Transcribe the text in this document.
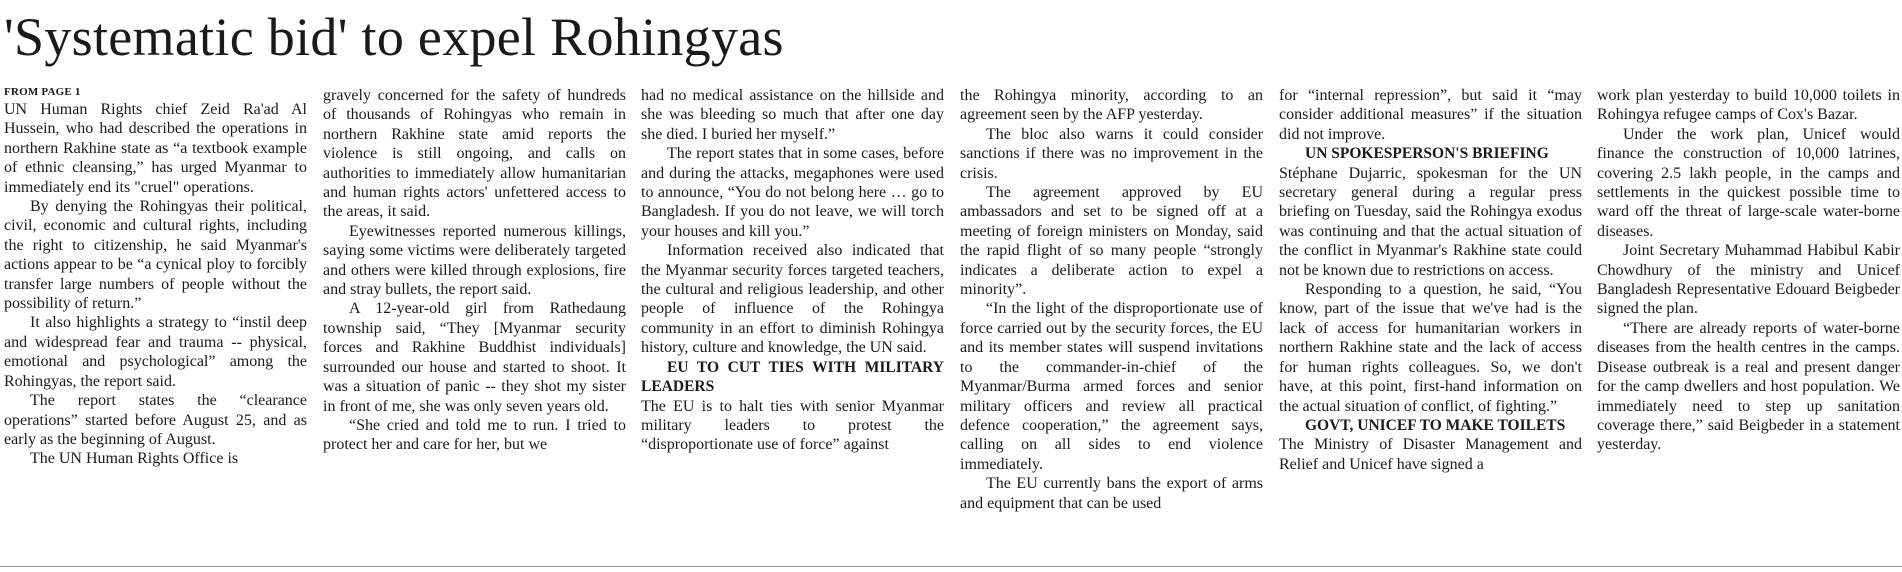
'Systematic bid' to expel Rohingyas
FROM PAGE 1

UN Human Rights chief Zeid Ra'ad Al Hussein, who had described the operations in northern Rakhine state as “a textbook example of ethnic cleansing,” has urged Myanmar to immediately end its "cruel" operations.

By denying the Rohingyas their political, civil, economic and cultural rights, including the right to citizenship, he said Myanmar's actions appear to be “a cynical ploy to forcibly transfer large numbers of people without the possibility of return.”

It also highlights a strategy to “instil deep and widespread fear and trauma -- physical, emotional and psychological” among the Rohingyas, the report said.

The report states the “clearance operations” started before August 25, and as early as the beginning of August.

The UN Human Rights Office is

gravely concerned for the safety of hundreds of thousands of Rohingyas who remain in northern Rakhine state amid reports the violence is still ongoing, and calls on authorities to immediately allow humanitarian and human rights actors' unfettered access to the areas, it said.

Eyewitnesses reported numerous killings, saying some victims were deliberately targeted and others were killed through explosions, fire and stray bullets, the report said.

A 12-year-old girl from Rathedaung township said, “They [Myanmar security forces and Rakhine Buddhist individuals] surrounded our house and started to shoot. It was a situation of panic -- they shot my sister in front of me, she was only seven years old.

“She cried and told me to run. I tried to protect her and care for her, but we

had no medical assistance on the hillside and she was bleeding so much that after one day she died. I buried her myself.”

The report states that in some cases, before and during the attacks, megaphones were used to announce, “You do not belong here … go to Bangladesh. If you do not leave, we will torch your houses and kill you.”

Information received also indicated that the Myanmar security forces targeted teachers, the cultural and religious leadership, and other people of influence of the Rohingya community in an effort to diminish Rohingya history, culture and knowledge, the UN said.

EU TO CUT TIES WITH MILITARY LEADERS

The EU is to halt ties with senior Myanmar military leaders to protest the “disproportionate use of force” against

the Rohingya minority, according to an agreement seen by the AFP yesterday.

The bloc also warns it could consider sanctions if there was no improvement in the crisis.

The agreement approved by EU ambassadors and set to be signed off at a meeting of foreign ministers on Monday, said the rapid flight of so many people “strongly indicates a deliberate action to expel a minority”.

“In the light of the disproportionate use of force carried out by the security forces, the EU and its member states will suspend invitations to the commander-in-chief of the Myanmar/Burma armed forces and senior military officers and review all practical defence cooperation,” the agreement says, calling on all sides to end violence immediately.

The EU currently bans the export of arms and equipment that can be used

for “internal repression”, but said it “may consider additional measures” if the situation did not improve.

UN SPOKESPERSON'S BRIEFING

Stéphane Dujarric, spokesman for the UN secretary general during a regular press briefing on Tuesday, said the Rohingya exodus was continuing and that the actual situation of the conflict in Myanmar's Rakhine state could not be known due to restrictions on access.

Responding to a question, he said, “You know, part of the issue that we've had is the lack of access for humanitarian workers in northern Rakhine state and the lack of access for human rights colleagues. So, we don't have, at this point, first-hand information on the actual situation of conflict, of fighting.”

GOVT, UNICEF TO MAKE TOILETS

The Ministry of Disaster Management and Relief and Unicef have signed a

work plan yesterday to build 10,000 toilets in Rohingya refugee camps of Cox's Bazar.

Under the work plan, Unicef would finance the construction of 10,000 latrines, covering 2.5 lakh people, in the camps and settlements in the quickest possible time to ward off the threat of large-scale water-borne diseases.

Joint Secretary Muhammad Habibul Kabir Chowdhury of the ministry and Unicef Bangladesh Representative Edouard Beigbeder signed the plan.

“There are already reports of water-borne diseases from the health centres in the camps. Disease outbreak is a real and present danger for the camp dwellers and host population. We immediately need to step up sanitation coverage there,” said Beigbeder in a statement yesterday.
